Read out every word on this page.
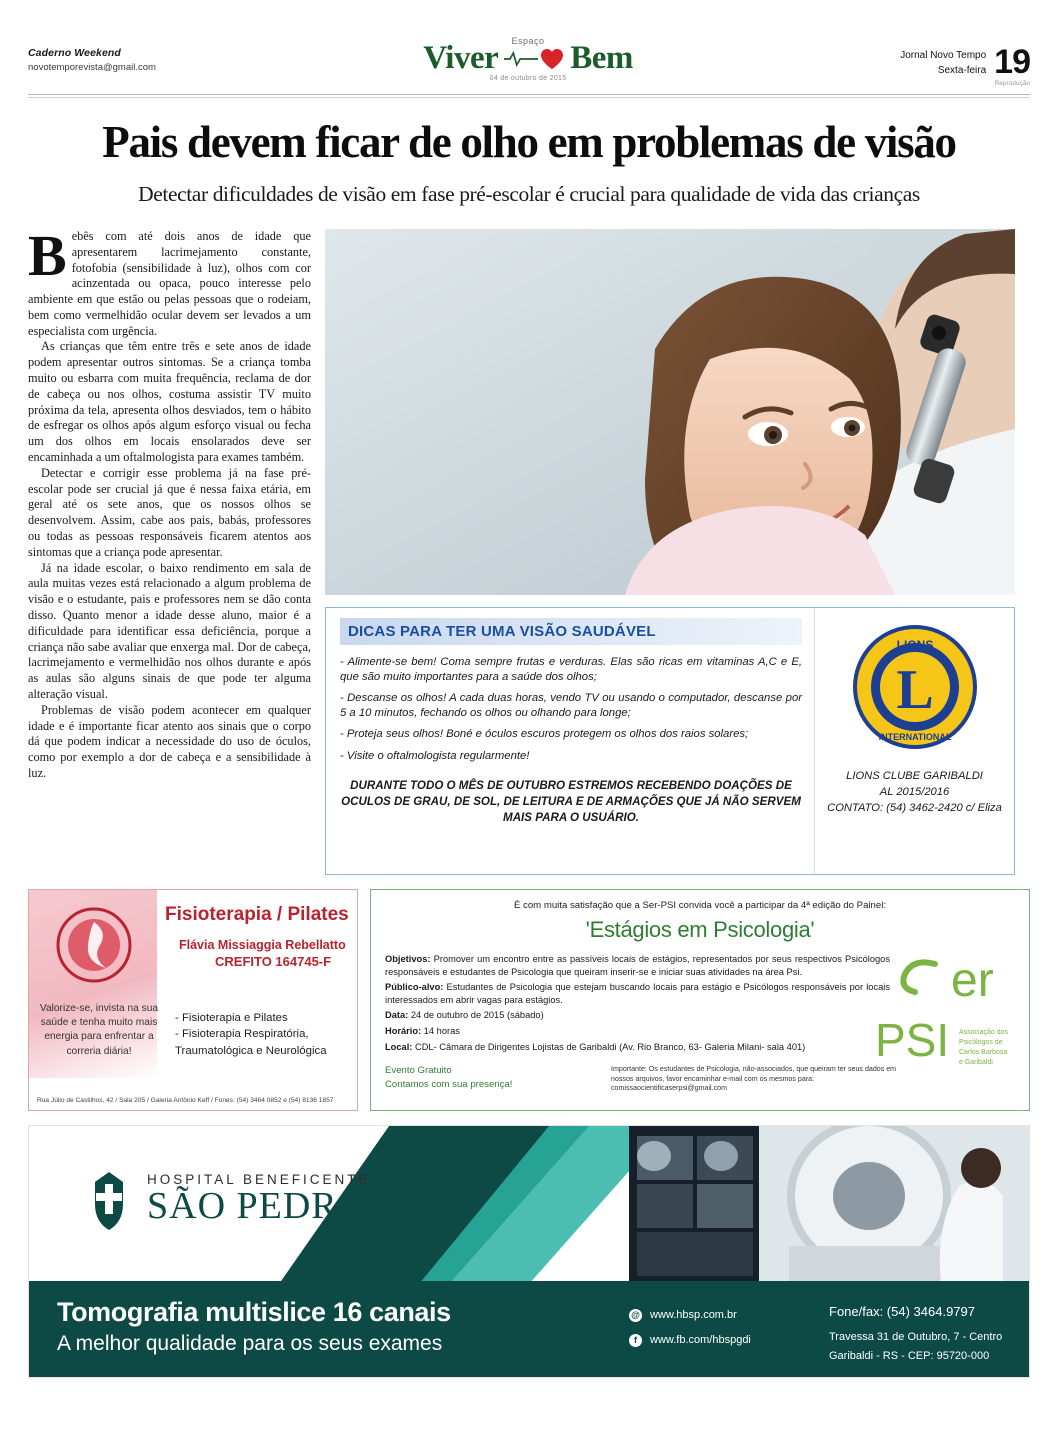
Caderno Weekend
novotemporevista@gmail.com
Espaço
Viver Bem
04 de outubro de 2015
Jornal Novo Tempo
Sexta-feira 19
Reprodução
Pais devem ficar de olho em problemas de visão
Detectar dificuldades de visão em fase pré-escolar é crucial para qualidade de vida das crianças

Bebês com até dois anos de idade que apresentarem lacrimejamento constante, fotofobia (sensibilidade à luz), olhos com cor acinzentada ou opaca, pouco interesse pelo ambiente em que estão ou pelas pessoas que o rodeiam, bem como vermelhidão ocular devem ser levados a um especialista com urgência.

As crianças que têm entre três e sete anos de idade podem apresentar outros sintomas. Se a criança tomba muito ou esbarra com muita frequência, reclama de dor de cabeça ou nos olhos, costuma assistir TV muito próxima da tela, apresenta olhos desviados, tem o hábito de esfregar os olhos após algum esforço visual ou fecha um dos olhos em locais ensolarados deve ser encaminhada a um oftalmologista para exames também.

Detectar e corrigir esse problema já na fase pré-escolar pode ser crucial já que é nessa faixa etária, em geral até os sete anos, que os nossos olhos se desenvolvem. Assim, cabe aos pais, babás, professores ou todas as pessoas responsáveis ficarem atentos aos sintomas que a criança pode apresentar.

Já na idade escolar, o baixo rendimento em sala de aula muitas vezes está relacionado a algum problema de visão e o estudante, pais e professores nem se dão conta disso. Quanto menor a idade desse aluno, maior é a dificuldade para identificar essa deficiência, porque a criança não sabe avaliar que enxerga mal. Dor de cabeça, lacrimejamento e vermelhidão nos olhos durante e após as aulas são alguns sinais de que pode ter alguma alteração visual.

Problemas de visão podem acontecer em qualquer idade e é importante ficar atento aos sinais que o corpo dá que podem indicar a necessidade do uso de óculos, como por exemplo a dor de cabeça e a sensibilidade à luz.

DICAS PARA TER UMA VISÃO SAUDÁVEL
- Alimente-se bem! Coma sempre frutas e verduras. Elas são ricas em vitaminas A,C e E, que são muito importantes para a saúde dos olhos;
- Descanse os olhos! A cada duas horas, vendo TV ou usando o computador, descanse por 5 a 10 minutos, fechando os olhos ou olhando para longe;
- Proteja seus olhos! Boné e óculos escuros protegem os olhos dos raios solares;
- Visite o oftalmologista regularmente!
DURANTE TODO O MÊS DE OUTUBRO ESTREMOS RECEBENDO DOAÇÕES DE OCULOS DE GRAU, DE SOL, DE LEITURA E DE ARMAÇÕES QUE JÁ NÃO SERVEM MAIS PARA O USUÁRIO.
L
LIONS
INTERNATIONAL
LIONS CLUBE GARIBALDI
AL 2015/2016
CONTATO: (54) 3462-2420 c/ Eliza
Fisioterapia / Pilates
Flávia Missiaggia Rebellatto
CREFITO 164745-F
Valorize-se, invista na sua saúde e tenha muito mais energia para enfrentar a correria diária!
- Fisioterapia e Pilates
- Fisioterapia Respiratória,
Traumatológica e Neurológica
Rua Júlio de Castilhos, 42 / Sala 205 / Galeria Antônio Keff / Fones: (54) 3464 0852 e (54) 8136 1857
É com muita satisfação que a Ser-PSI convida você a participar da 4ª edição do Painel:
'Estágios em Psicologia'

Objetivos: Promover um encontro entre as passíveis locais de estágios, representados por seus respectivos Psicólogos responsáveis e estudantes de Psicologia que queiram inserir-se e iniciar suas atividades na área Psi.

Público-alvo: Estudantes de Psicologia que estejam buscando locais para estágio e Psicólogos responsáveis por locais interessados em abrir vagas para estágios.

Data: 24 de outubro de 2015 (sábado)

Horário: 14 horas

Local: CDL- Câmara de Dirigentes Lojistas de Garibaldi (Av. Rio Branco, 63- Galeria Milani- sala 401)

Evento Gratuito
Contamos com sua presença!
Importante: Os estudantes de Psicologia, não-associados, que queiram ter seus dados em nossos arquivos, favor encaminhar e-mail com os mesmos para: comissaocientificaserpsi@gmail.com
er
PSI Associação dos
Psicólogos de
Carlos Barbosa
e Garibaldi
HOSPITAL BENEFICENTE
SÃO PEDRO
Tomografia multislice 16 canais
A melhor qualidade para os seus exames
@ www.hbsp.com.br
f	www.fb.com/hbspgdi
Fone/fax: (54) 3464.9797
Travessa 31 de Outubro, 7 - Centro
Garibaldi - RS - CEP: 95720-000
